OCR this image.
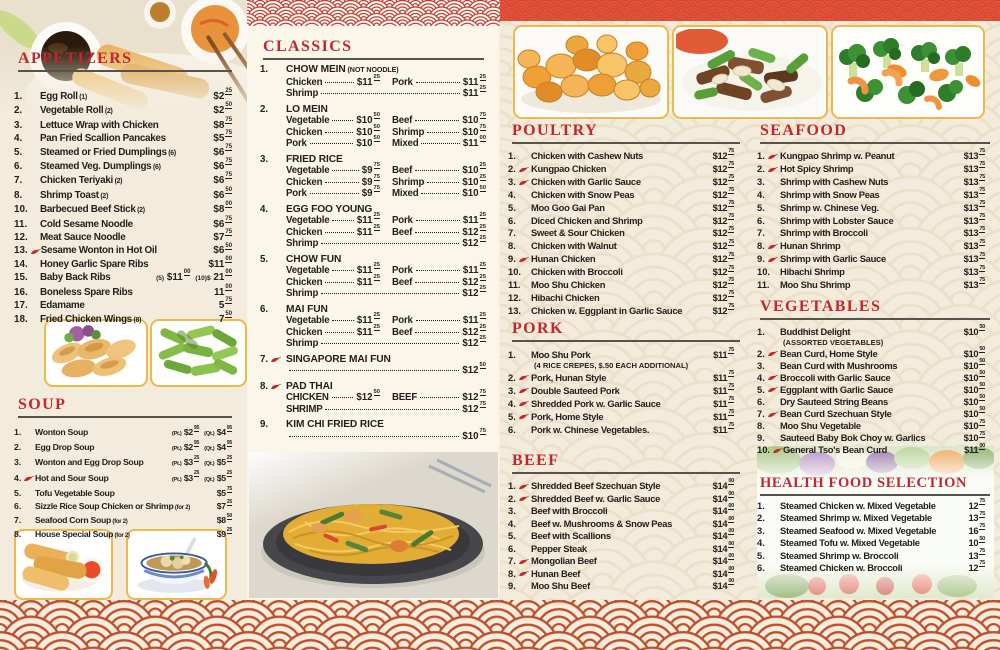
APPETIZERS
1.	Egg Roll (1)	$\$2^{25}$
2.	Vegetable Roll (2)	$\$2^{50}$
3.	Lettuce Wrap with Chicken	$\$8^{75}$
4.	Pan Fried Scallion Pancakes	$\$5^{75}$
5.	Steamed or Fried Dumplings (6)	$\$6^{75}$
6.	Steamed Veg. Dumplings (6)	$\$6^{75}$
7.	Chicken Teriyaki (2)	$\$6^{75}$
8.	Shrimp Toast (2)	$\$6^{50}$
10.	Barbecued Beef Stick (2)	$\$8^{00}$
11.	Cold Sesame Noodle	$\$6^{75}$
12.	Meat Sauce Noodle	$\$7^{75}$
13.	Sesame Wonton in Hot Oil	$\$6^{50}$
14.	Honey Garlic Spare Ribs	$\$11^{00}$
15.	Baby Back Ribs	(5) $\$11^{00}(10)\$$ $21^{00}$
16.	Boneless Spare Ribs	$11^{00}$
17.	Edamame	$5^{75}$
18.	Fried Chicken Wings (8)	$7^{50}$
SOUP
1.	Wonton Soup	(Pt.) $\$2^{95}(Qt.)$ $\$4^{95}$
2.	Egg Drop Soup	(Pt.) $\$2^{95}(Qt.)$ $\$4^{95}$
3.	Wonton and Egg Drop Soup	(Pt.) $\$3^{25}(Qt.)$ $\$5^{25}$
4.	Hot and Sour Soup	(Pt.) $\$3^{25}(Qt.)$ $\$5^{25}$
5.	Tofu Vegetable Soup	$\$5^{75}$
6.	Sizzle Rice Soup Chicken or Shrimp (for 2)	$\$7^{25}$
7.	Seafood Corn Soup (for 2)	$\$8^{50}$
8.	House Special Soup (for 2)	$\$9^{25}$
CLASSICS
1.	CHOW MEIN (NOT NOODLE)
Chicken	$\$11^{25}$ Pork	$\$11^{25}$
Shrimp	$\$11^{25}$
2.	LO MEIN
Vegetable	$\$10^{50}$ Beef	$\$10^{75}$
Chicken	$\$10^{50}$ Shrimp	$\$10^{75}$
Pork	$\$10^{50}$ Mixed	$\$11^{00}$
3.	FRIED RICE
Vegetable	$\$9^{75}$ Beef	$\$10^{25}$
Chicken	$\$9^{75}$ Shrimp	$\$10^{25}$
Pork	$\$9^{75}$ Mixed	$\$10^{50}$
4.	EGG FOO YOUNG
Vegetable	$\$11^{25}$ Pork	$\$11^{25}$
Chicken	$\$11^{25}$ Beef	$\$12^{25}$
Shrimp	$\$12^{25}$
5.	CHOW FUN
Vegetable	$\$11^{25}$ Pork	$\$11^{25}$
Chicken	$\$11^{25}$ Beef	$\$12^{25}$
Shrimp	$\$12^{25}$
6.	MAI FUN
Vegetable	$\$11^{25}$ Pork	$\$11^{25}$
Chicken	$\$11^{25}$ Beef	$\$12^{25}$
Shrimp	$\$12^{25}$
7.	SINGAPORE MAI FUN
$\$12^{50}$
8.	PAD THAI
CHICKEN	$\$12^{50}$ BEEF	$\$12^{75}$
SHRIMP	$\$12^{75}$
9.	KIM CHI FRIED RICE
$\$10^{75}$
POULTRY
1.	Chicken with Cashew Nuts	$\$12^{75}$
2.	Kungpao Chicken	$\$12^{75}$
3.	Chicken with Garlic Sauce	$\$12^{75}$
4.	Chicken with Snow Peas	$\$12^{75}$
5.	Moo Goo Gai Pan	$\$12^{75}$
6.	Diced Chicken and Shrimp	$\$12^{75}$
7.	Sweet & Sour Chicken	$\$12^{75}$
8.	Chicken with Walnut	$\$12^{75}$
9.	Hunan Chicken	$\$12^{75}$
10.	Chicken with Broccoli	$\$12^{75}$
11.	Moo Shu Chicken	$\$12^{75}$
12.	Hibachi Chicken	$\$12^{75}$
13.	Chicken w. Eggplant in Garlic Sauce	$\$12^{75}$
PORK
1.	Moo Shu Pork	$\$11^{75}$
(4 RICE CREPES, $.50 EACH ADDITIONAL)
2.	Pork, Hunan Style	$\$11^{75}$
3.	Double Sauteed Pork	$\$11^{75}$
4.	Shredded Pork w. Garlic Sauce	$\$11^{75}$
5.	Pork, Home Style	$\$11^{75}$
6.	Pork w. Chinese Vegetables.	$\$11^{75}$
BEEF
1.	Shredded Beef Szechuan Style	$\$14^{00}$
2.	Shredded Beef w. Garlic Sauce	$\$14^{00}$
3.	Beef with Broccoli	$\$14^{00}$
4.	Beef w. Mushrooms & Snow Peas	$\$14^{00}$
5.	Beef with Scallions	$\$14^{00}$
6.	Pepper Steak	$\$14^{00}$
7.	Mongolian Beef	$\$14^{00}$
8.	Hunan Beef	$\$14^{00}$
9.	Moo Shu Beef	$\$14^{00}$
SEAFOOD
1.	Kungpao Shrimp w. Peanut	$\$13^{75}$
2.	Hot Spicy Shrimp	$\$13^{75}$
3.	Shrimp with Cashew Nuts	$\$13^{75}$
4.	Shrimp with Snow Peas	$\$13^{75}$
5.	Shrimp w. Chinese Veg.	$\$13^{75}$
6.	Shrimp with Lobster Sauce	$\$13^{75}$
7.	Shrimp with Broccoli	$\$13^{75}$
8.	Hunan Shrimp	$\$13^{75}$
9.	Shrimp with Garlic Sauce	$\$13^{75}$
10.	Hibachi Shrimp	$\$13^{75}$
11.	Moo Shu Shrimp	$\$13^{75}$
VEGETABLES
1.	Buddhist Delight	$\$10^{50}$
(ASSORTED VEGETABLES)
2.	Bean Curd, Home Style	$\$10^{50}$
3.	Bean Curd with Mushrooms	$\$10^{50}$
4.	Broccoli with Garlic Sauce	$\$10^{50}$
5.	Eggplant with Garlic Sauce	$\$10^{50}$
6.	Dry Sauteed String Beans	$\$10^{50}$
7.	Bean Curd Szechuan Style	$\$10^{50}$
8.	Moo Shu Vegetable	$\$10^{75}$
9.	Sauteed Baby Bok Choy w. Garlics	$\$10^{75}$
10.	General Tso's Bean Curd	$\$11^{00}$
HEALTH FOOD SELECTION
1.	Steamed Chicken w. Mixed Vegetable	$12^{75}$
2.	Steamed Shrimp w. Mixed Vegetable	$13^{75}$
3.	Steamed Seafood w. Mixed Vegetable	$16^{75}$
4.	Steamed Tofu w. Mixed Vegetable	$10^{50}$
5.	Steamed Shrimp w. Broccoli	$13^{75}$
6.	Steamed Chicken w. Broccoli	$12^{75}$
